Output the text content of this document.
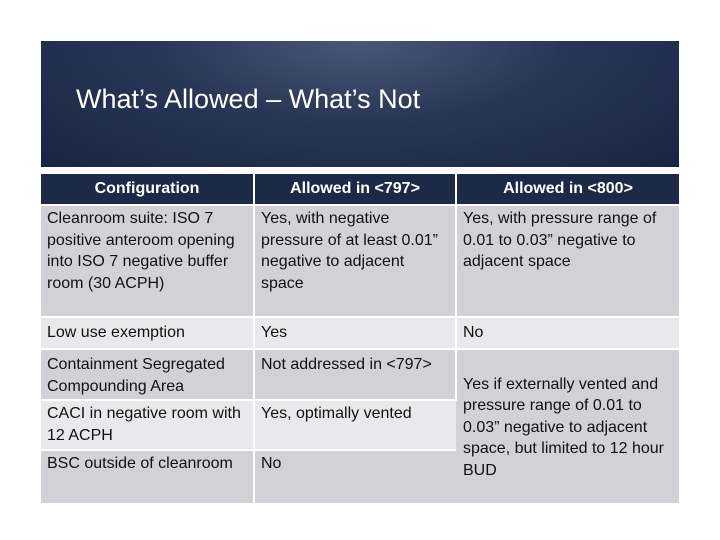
What’s Allowed – What’s Not
Configuration	Allowed in <797>	Allowed in <800>
Cleanroom suite: ISO 7 positive anteroom opening into ISO 7 negative buffer room (30 ACPH)	Yes, with negative pressure of at least 0.01” negative to adjacent space	Yes, with pressure range of 0.01 to 0.03” negative to adjacent space
Low use exemption	Yes	No
Containment Segregated Compounding Area	Not addressed in <797>	Yes if externally vented and pressure range of 0.01 to 0.03” negative to adjacent space, but limited to 12 hour BUD
CACI in negative room with 12 ACPH	Yes, optimally vented	
BSC outside of cleanroom	No	
